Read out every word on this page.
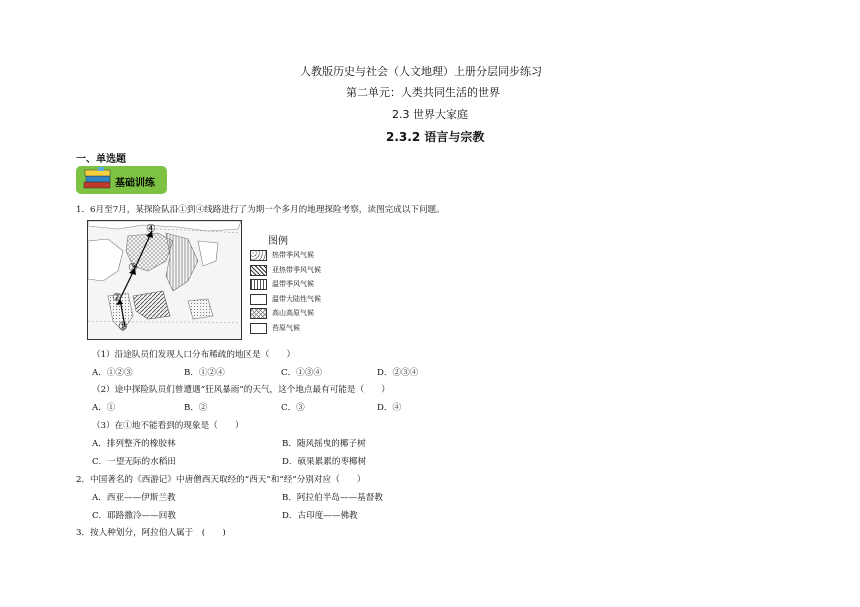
人教版历史与社会（人文地理）上册分层同步练习
第二单元：人类共同生活的世界
2.3 世界大家庭
2.3.2 语言与宗教
一、单选题
基础训练
1．6月至7月，某探险队沿①到④线路进行了为期一个多月的地理探险考察，读图完成以下问题。
①
②
③
④
图例
热带季风气候
亚热带季风气候
温带季风气候
温带大陆性气候
高山高原气候
苔原气候
（1）沿途队员们发现人口分布稀疏的地区是（　　）
A．①②③	B．①②④	C．①③④	D．②③④
（2）途中探险队员们曾遭遇“狂风暴雨”的天气，这个地点最有可能是（　　）
A．①	B．②	C．③	D．④
（3）在①地不能看到的现象是（　　）
A．排列整齐的橡胶林	B．随风摇曳的椰子树
C．一望无际的水稻田	D．硕果累累的枣椰树
2．中国著名的《西游记》中唐僧西天取经的“西天”和“经”分别对应（　　）
A．西亚——伊斯兰教	B．阿拉伯半岛——基督教
C．耶路撒冷——回教	D．古印度——佛教
3．按人种划分，阿拉伯人属于　(　　)
